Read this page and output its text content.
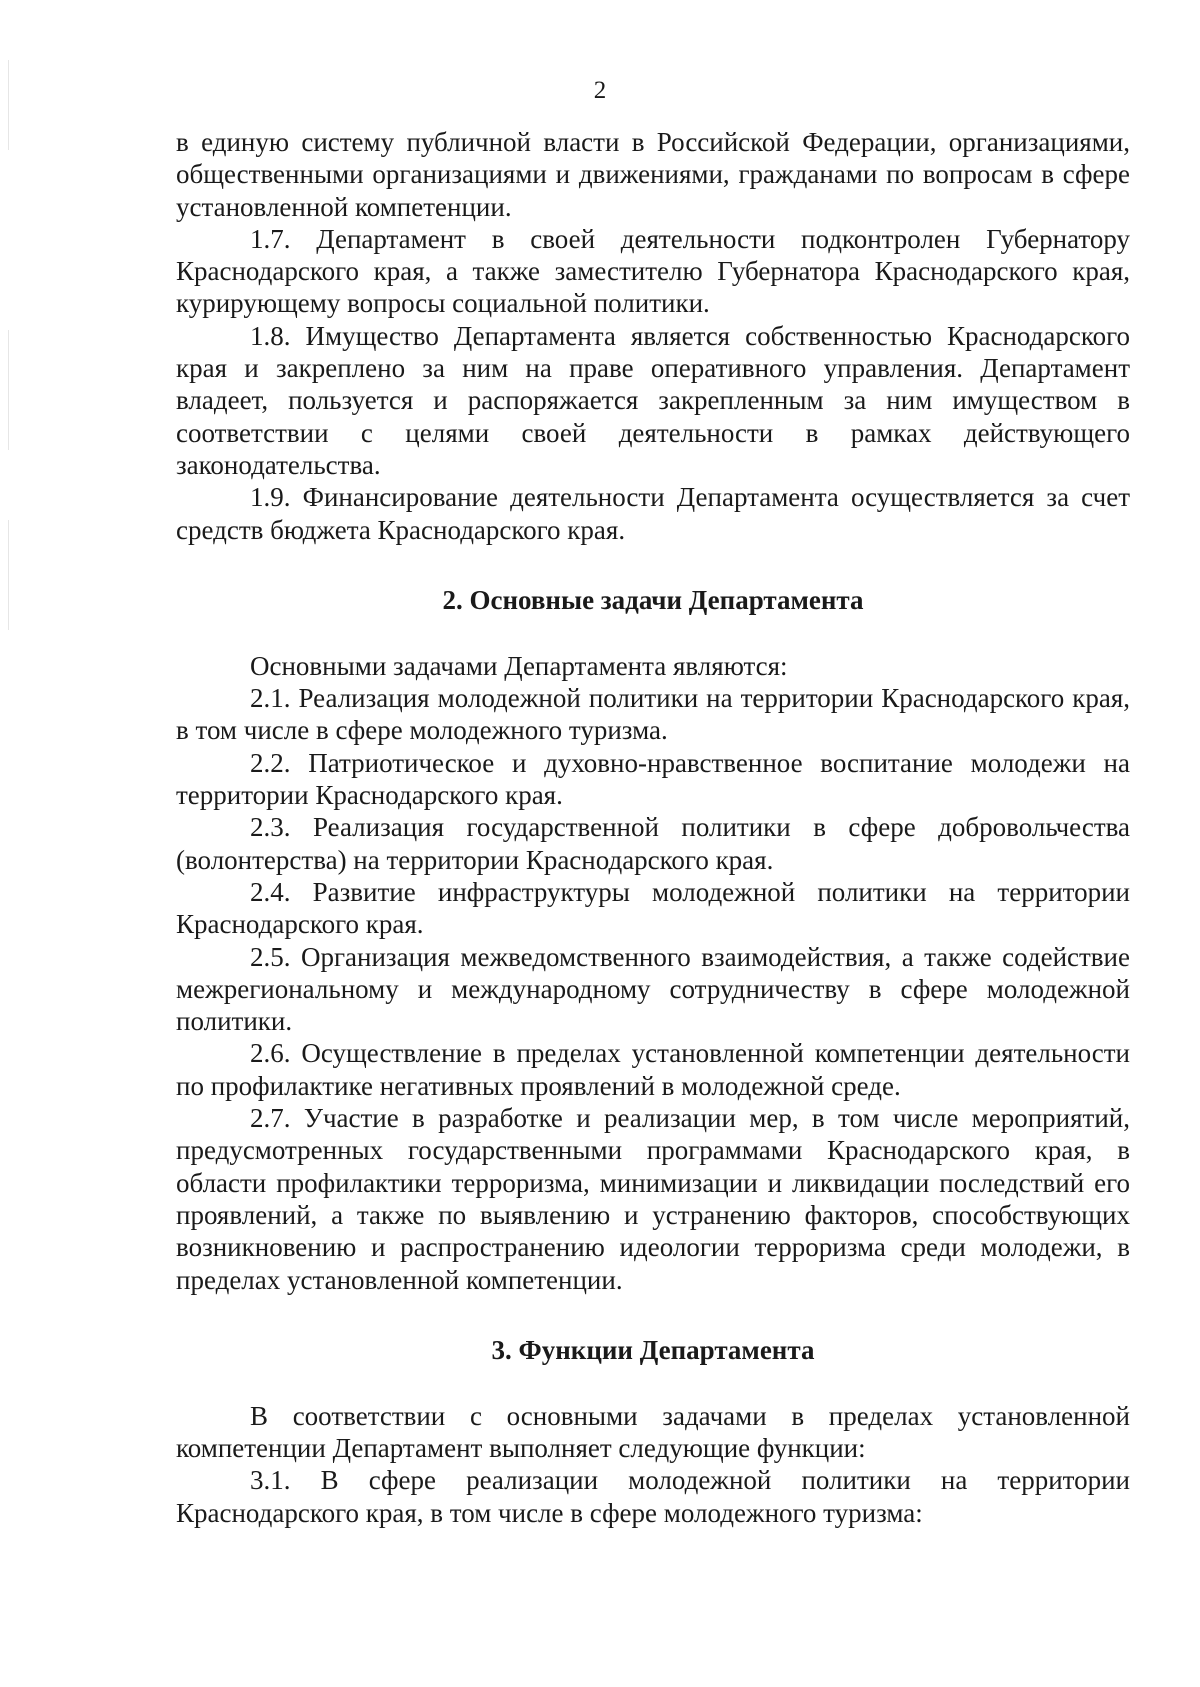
2

в единую систему публичной власти в Российской Федерации, организациями, общественными организациями и движениями, гражданами по вопросам в сфере установленной компетенции.

1.7. Департамент в своей деятельности подконтролен Губернатору Краснодарского края, а также заместителю Губернатора Краснодарского края, курирующему вопросы социальной политики.

1.8. Имущество Департамента является собственностью Краснодарского края и закреплено за ним на праве оперативного управления. Департамент владеет, пользуется и распоряжается закрепленным за ним имуществом в соответствии с целями своей деятельности в рамках действующего законодательства.

1.9. Финансирование деятельности Департамента осуществляется за счет средств бюджета Краснодарского края.

2. Основные задачи Департамента

Основными задачами Департамента являются:

2.1. Реализация молодежной политики на территории Краснодарского края, в том числе в сфере молодежного туризма.

2.2. Патриотическое и духовно-нравственное воспитание молодежи на территории Краснодарского края.

2.3. Реализация государственной политики в сфере добровольчества (волонтерства) на территории Краснодарского края.

2.4. Развитие инфраструктуры молодежной политики на территории Краснодарского края.

2.5. Организация межведомственного взаимодействия, а также содействие межрегиональному и международному сотрудничеству в сфере молодежной политики.

2.6. Осуществление в пределах установленной компетенции деятельности по профилактике негативных проявлений в молодежной среде.

2.7. Участие в разработке и реализации мер, в том числе мероприятий, предусмотренных государственными программами Краснодарского края, в области профилактики терроризма, минимизации и ликвидации последствий его проявлений, а также по выявлению и устранению факторов, способствующих возникновению и распространению идеологии терроризма среди молодежи, в пределах установленной компетенции.

3. Функции Департамента

В соответствии с основными задачами в пределах установленной компетенции Департамент выполняет следующие функции:

3.1. В сфере реализации молодежной политики на территории Краснодарского края, в том числе в сфере молодежного туризма:
